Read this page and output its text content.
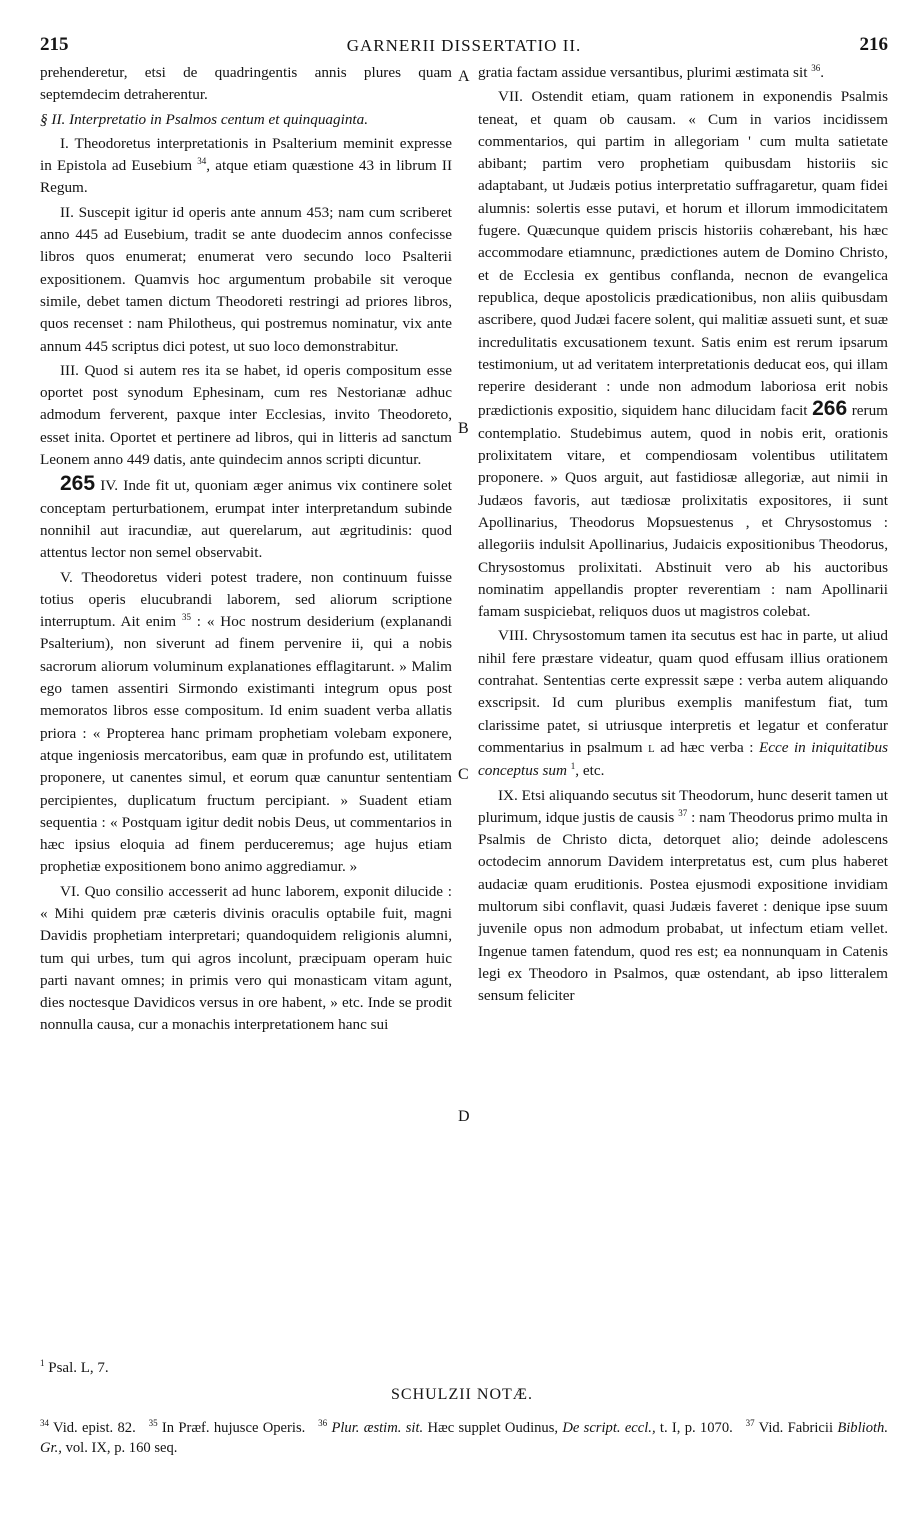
215	GARNERII DISSERTATIO II.	216
A
B
C
D

prehenderetur, etsi de quadringentis annis plures quam septemdecim detraherentur.

§ II. Interpretatio in Psalmos centum et quinquaginta.

I. Theodoretus interpretationis in Psalterium meminit expresse in Epistola ad Eusebium $^{34}$, atque etiam quæstione 43 in librum II Regum.

II. Suscepit igitur id operis ante annum 453; nam cum scriberet anno 445 ad Eusebium, tradit se ante duodecim annos confecisse libros quos enumerat; enumerat vero secundo loco Psalterii expositionem. Quamvis hoc argumentum probabile sit veroque simile, debet tamen dictum Theodoreti restringi ad priores libros, quos recenset : nam Philotheus, qui postremus nominatur, vix ante annum 445 scriptus dici potest, ut suo loco demonstrabitur.

III. Quod si autem res ita se habet, id operis compositum esse oportet post synodum Ephesinam, cum res Nestorianæ adhuc admodum ferverent, paxque inter Ecclesias, invito Theodoreto, esset inita. Oportet et pertinere ad libros, qui in litteris ad sanctum Leonem anno 449 datis, ante quindecim annos scripti dicuntur.

265 IV. Inde fit ut, quoniam æger animus vix continere solet conceptam perturbationem, erumpat inter interpretandum subinde nonnihil aut iracundiæ, aut querelarum, aut ægritudinis: quod attentus lector non semel observabit.

V. Theodoretus videri potest tradere, non continuum fuisse totius operis elucubrandi laborem, sed aliorum scriptione interruptum. Ait enim $^{35}$ : « Hoc nostrum desiderium (explanandi Psalterium), non siverunt ad finem pervenire ii, qui a nobis sacrorum aliorum voluminum explanationes efflagitarunt. » Malim ego tamen assentiri Sirmondo existimanti integrum opus post memoratos libros esse compositum. Id enim suadent verba allatis priora : « Propterea hanc primam prophetiam volebam exponere, atque ingeniosis mercatoribus, eam quæ in profundo est, utilitatem proponere, ut canentes simul, et eorum quæ canuntur sententiam percipientes, duplicatum fructum percipiant. » Suadent etiam sequentia : « Postquam igitur dedit nobis Deus, ut commentarios in hæc ipsius eloquia ad finem perduceremus; age hujus etiam prophetiæ expositionem bono animo aggrediamur. »

VI. Quo consilio accesserit ad hunc laborem, exponit dilucide : « Mihi quidem præ cæteris divinis oraculis optabile fuit, magni Davidis prophetiam interpretari; quandoquidem religionis alumni, tum qui urbes, tum qui agros incolunt, præcipuam operam huic parti navant omnes; in primis vero qui monasticam vitam agunt, dies noctesque Davidicos versus in ore habent, » etc. Inde se prodit nonnulla causa, cur a monachis interpretationem hanc sui

gratia factam assidue versantibus, plurimi æstimata sit $^{36}$.

VII. Ostendit etiam, quam rationem in exponendis Psalmis teneat, et quam ob causam. « Cum in varios incidissem commentarios, qui partim in allegoriam ' cum multa satietate abibant; partim vero prophetiam quibusdam historiis sic adaptabant, ut Judæis potius interpretatio suffragaretur, quam fidei alumnis: solertis esse putavi, et horum et illorum immodicitatem fugere. Quæcunque quidem priscis historiis cohærebant, his hæc accommodare etiamnunc, prædictiones autem de Domino Christo, et de Ecclesia ex gentibus conflanda, necnon de evangelica republica, deque apostolicis prædicationibus, non aliis quibusdam ascribere, quod Judæi facere solent, qui malitiæ assueti sunt, et suæ incredulitatis excusationem texunt. Satis enim est rerum ipsarum testimonium, ut ad veritatem interpretationis deducat eos, qui illam reperire desiderant : unde non admodum laboriosa erit nobis prædictionis expositio, siquidem hanc dilucidam facit 266 rerum contemplatio. Studebimus autem, quod in nobis erit, orationis prolixitatem vitare, et compendiosam volentibus utilitatem proponere. » Quos arguit, aut fastidiosæ allegoriæ, aut nimii in Judæos favoris, aut tædiosæ prolixitatis expositores, ii sunt Apollinarius, Theodorus Mopsuestenus , et Chrysostomus : allegoriis indulsit Apollinarius, Judaicis expositionibus Theodorus, Chrysostomus prolixitati. Abstinuit vero ab his auctoribus nominatim appellandis propter reverentiam : nam Apollinarii famam suspiciebat, reliquos duos ut magistros colebat.

VIII. Chrysostomum tamen ita secutus est hac in parte, ut aliud nihil fere præstare videatur, quam quod effusam illius orationem contrahat. Sententias certe expressit sæpe : verba autem aliquando exscripsit. Id cum pluribus exemplis manifestum fiat, tum clarissime patet, si utriusque interpretis et legatur et conferatur commentarius in psalmum L ad hæc verba : Ecce in iniquitatibus conceptus sum $^1$, etc.

IX. Etsi aliquando secutus sit Theodorum, hunc deserit tamen ut plurimum, idque justis de causis $^{37}$ : nam Theodorus primo multa in Psalmis de Christo dicta, detorquet alio; deinde adolescens octodecim annorum Davidem interpretatus est, cum plus haberet audaciæ quam eruditionis. Postea ejusmodi expositione invidiam multorum sibi conflavit, quasi Judæis faveret : denique ipse suum juvenile opus non admodum probabat, ut infectum etiam vellet. Ingenue tamen fatendum, quod res est; ea nonnunquam in Catenis legi ex Theodoro in Psalmos, quæ ostendant, ab ipso litteralem sensum feliciter

$^1$ Psal. L, 7.
SCHULZII NOTÆ.

$^{34}$ Vid. epist. 82. $^{35}$ In Præf. hujusce Operis. $^{36}$ Plur. æstim. sit. Hæc supplet Oudinus, De script. eccl., t. I, p. 1070. $^{37}$ Vid. Fabricii Biblioth. Gr., vol. IX, p. 160 seq.
